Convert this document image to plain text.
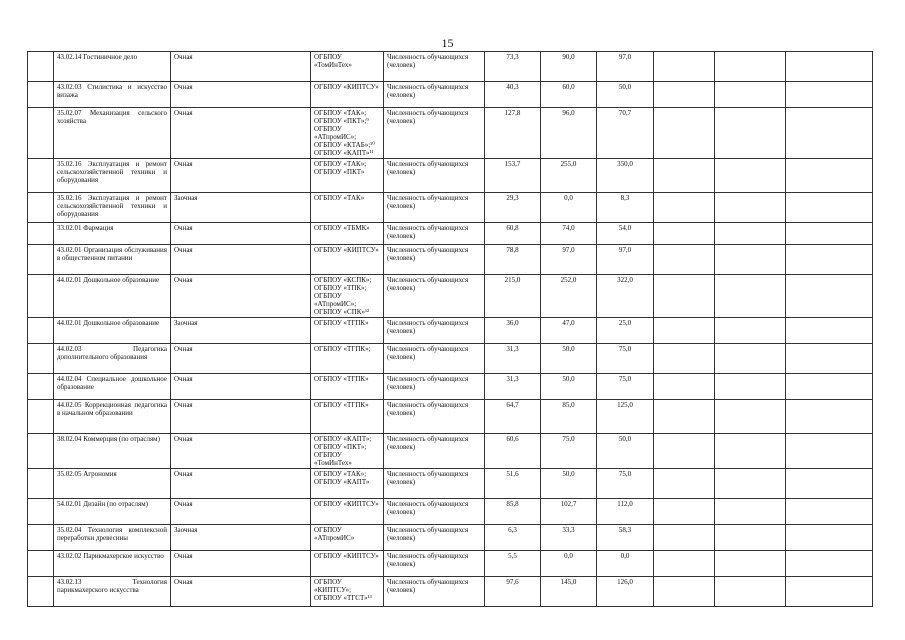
15
	43.02.14 Гостиничное дело	Очная	ОГБПОУ «ТомИнТех»	Численность обучающихся (человек)	73,3	90,0	97,0			
	43.02.03 Стилистика и искусство визажа	Очная	ОГБПОУ «КИПТСУ»	Численность обучающихся (человек)	40,3	60,0	50,0			
	35.02.07 Механизация сельского хозяйства	Очная	ОГБПОУ «ТАК»;
ОГБПОУ «ПКТ»;⁹
ОГБПОУ «АТпромИС»;
ОГБПОУ «КТАБ»;¹⁰
ОГБПОУ «КАПТ»¹¹	Численность обучающихся (человек)	127,8	96,0	70,7			
	35.02.16 Эксплуатация и ремонт сельскохозяйственной техники и оборудования	Очная	ОГБПОУ «ТАК»;
ОГБПОУ «ПКТ»	Численность обучающихся (человек)	153,7	255,0	350,0			
	35.02.16 Эксплуатация и ремонт сельскохозяйственной техники и оборудования	Заочная	ОГБПОУ «ТАК»	Численность обучающихся (человек)	29,3	0,0	8,3			
	33.02.01 Фармация	Очная	ОГБПОУ «ТБМК»	Численность обучающихся (человек)	60,8	74,0	54,0			
	43.02.01 Организация обслуживания в общественном питании	Очная	ОГБПОУ «КИПТСУ»	Численность обучающихся (человек)	78,8	97,0	97,0			
	44.02.01 Дошкольное образование	Очная	ОГБПОУ «КСПК»;
ОГБПОУ «ТПК»;
ОГБПОУ «АТпромИС»;
ОГБПОУ «СПК»¹²	Численность обучающихся (человек)	215,0	252,0	322,0			
	44.02.01 Дошкольное образование	Заочная	ОГБПОУ «ТГПК»	Численность обучающихся (человек)	36,0	47,0	25,0			
	44.02.03 Педагогика дополнительного образования	Очная	ОГБПОУ «ТГПК»;	Численность обучающихся (человек)	31,3	50,0	75,0			
	44.02.04 Специальное дошкольное образование	Очная	ОГБПОУ «ТГПК»	Численность обучающихся (человек)	31,3	50,0	75,0			
	44.02.05 Коррекционная педагогика в начальном образовании	Очная	ОГБПОУ «ТГПК»	Численность обучающихся (человек)	64,7	85,0	125,0			
	38.02.04 Коммерция (по отраслям)	Очная	ОГБПОУ «КАПТ»;
ОГБПОУ «ПКТ»;
ОГБПОУ «ТомИнТех»	Численность обучающихся (человек)	60,6	75,0	50,0			
	35.02.05 Агрономия	Очная	ОГБПОУ «ТАК»;
ОГБПОУ «КАПТ»	Численность обучающихся (человек)	51,6	50,0	75,0			
	54.02.01 Дизайн (по отраслям)	Очная	ОГБПОУ «КИПТСУ»	Численность обучающихся (человек)	85,8	102,7	112,0			
	35.02.04 Технология комплексной переработки древесины	Заочная	ОГБПОУ «АТпромИС»	Численность обучающихся (человек)	6,3	33,3	58,3			
	43.02.02 Парикмахерское искусство	Очная	ОГБПОУ «КИПТСУ»	Численность обучающихся (человек)	5,5	0,0	0,0			
	43.02.13 Технология парикмахерского искусства	Очная	ОГБПОУ «КИПТСУ»;
ОГБПОУ «ТГСТ»¹³	Численность обучающихся (человек)	97,6	145,0	126,0			
